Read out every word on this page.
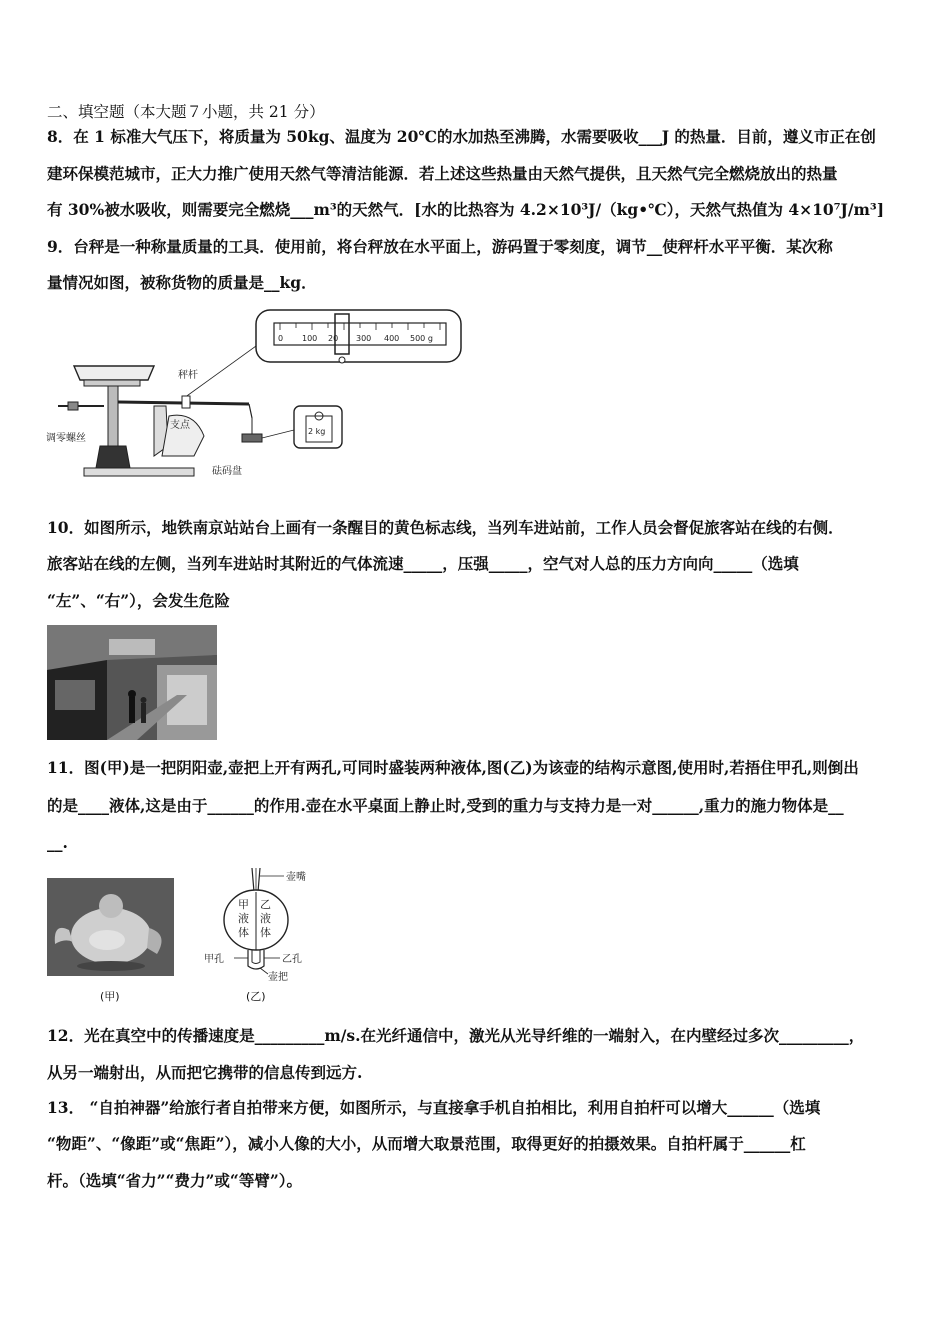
二、填空题（本大题７小题，共 21 分）
8．在 1 标准大气压下，将质量为 50kg、温度为 20℃的水加热至沸腾，水需要吸收___J 的热量．目前，遵义市正在创
建环保模范城市，正大力推广使用天然气等清洁能源．若上述这些热量由天然气提供，且天然气完全燃烧放出的热量
有 30%被水吸收，则需要完全燃烧___m³的天然气．[水的比热容为 4.2×10³J/（kg•℃），天然气热值为 4×10⁷J/m³]
9．台秤是一种称量质量的工具．使用前，将台秤放在水平面上，游码置于零刻度，调节__使秤杆水平平衡．某次称
量情况如图，被称货物的质量是__kg．
0 100 20 300 400 500 g
2 kg
秤杆
支点
调零螺丝
砝码盘
10．如图所示，地铁南京站站台上画有一条醒目的黄色标志线，当列车进站前，工作人员会督促旅客站在线的右侧．
旅客站在线的左侧，当列车进站时其附近的气体流速_____，压强_____，空气对人总的压力方向向_____（选填
“左”、“右”），会发生危险
11．图(甲)是一把阴阳壶,壶把上开有两孔,可同时盛装两种液体,图(乙)为该壶的结构示意图,使用时,若捂住甲孔,则倒出
的是____液体,这是由于______的作用.壶在水平桌面上静止时,受到的重力与支持力是一对______,重力的施力物体是__
__.
(甲)
甲
液
体
乙
液
体
壶嘴
甲孔	乙孔
壶把
(乙)
12．光在真空中的传播速度是_________m/s.在光纤通信中，激光从光导纤维的一端射入，在内壁经过多次_________，
从另一端射出，从而把它携带的信息传到远方.
13． “自拍神器”给旅行者自拍带来方便，如图所示，与直接拿手机自拍相比，利用自拍杆可以增大______（选填
“物距”、“像距”或“焦距”），减小人像的大小，从而增大取景范围，取得更好的拍摄效果。自拍杆属于______杠
杆。（选填“省力”“费力”或“等臂”）。
